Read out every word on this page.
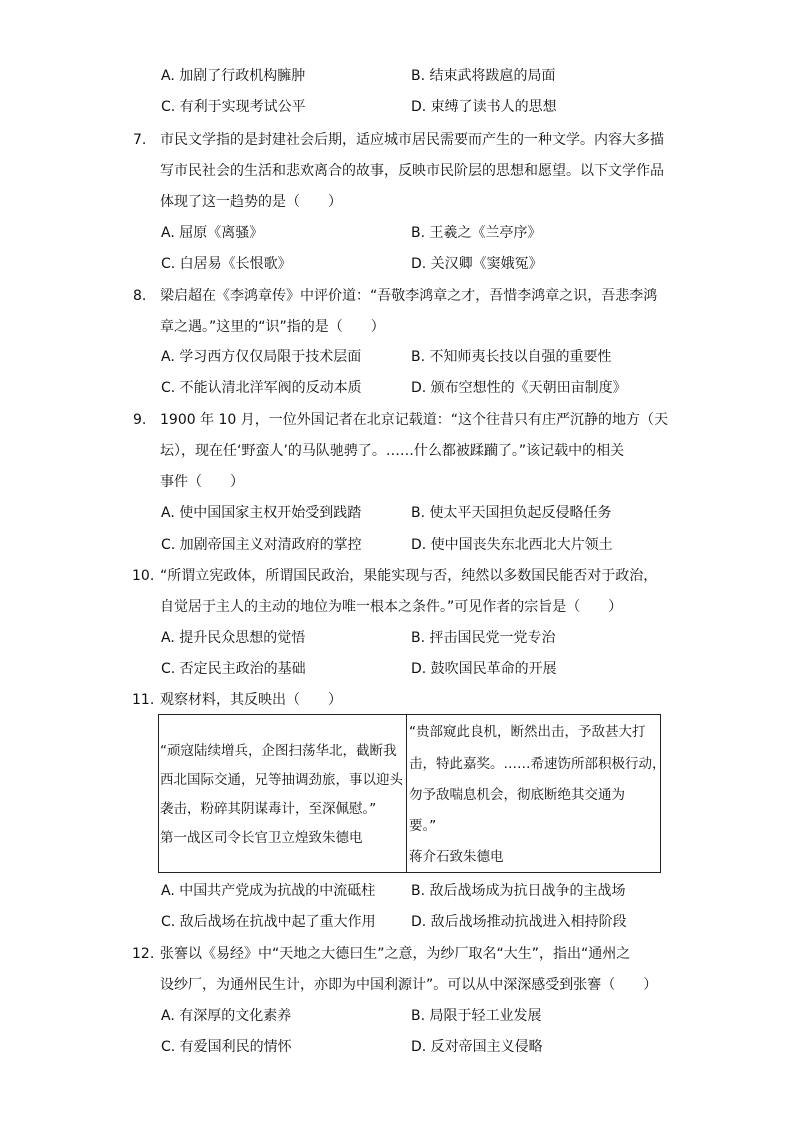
A. 加剧了行政机构臃肿	B. 结束武将跋扈的局面
C. 有利于实现考试公平	D. 束缚了读书人的思想
7. 市民文学指的是封建社会后期，适应城市居民需要而产生的一种文学。内容大多描
写市民社会的生活和悲欢离合的故事，反映市民阶层的思想和愿望。以下文学作品
体现了这一趋势的是（　　）
A. 屈原《离骚》	B. 王羲之《兰亭序》
C. 白居易《长恨歌》	D. 关汉卿《窦娥冤》
8. 梁启超在《李鸿章传》中评价道：“吾敬李鸿章之才，吾惜李鸿章之识，吾悲李鸿
章之遇。”这里的“识”指的是（　　）
A. 学习西方仅仅局限于技术层面	B. 不知师夷长技以自强的重要性
C. 不能认清北洋军阀的反动本质	D. 颁布空想性的《天朝田亩制度》
9. 1900 年 10 月，一位外国记者在北京记载道：“这个往昔只有庄严沉静的地方（天
坛），现在任‘野蛮人’的马队驰骋了。……什么都被蹂躏了。”该记载中的相关
事件（　　）
A. 使中国国家主权开始受到践踏	B. 使太平天国担负起反侵略任务
C. 加剧帝国主义对清政府的掌控	D. 使中国丧失东北西北大片领土
10. “所谓立宪政体，所谓国民政治，果能实现与否，纯然以多数国民能否对于政治，
自觉居于主人的主动的地位为唯一根本之条件。”可见作者的宗旨是（　　）
A. 提升民众思想的觉悟	B. 抨击国民党一党专治
C. 否定民主政治的基础	D. 鼓吹国民革命的开展
11. 观察材料，其反映出（　　）
“顽寇陆续增兵，企图扫荡华北，截断我
西北国际交通，兄等抽调劲旅，事以迎头
袭击，粉碎其阴谋毒计，至深佩慰。”
第一战区司令长官卫立煌致朱德电
“贵部窥此良机，断然出击，予敌甚大打
击，特此嘉奖。……希速饬所部积极行动，
勿予敌喘息机会，彻底断绝其交通为
要。”
蒋介石致朱德电
A. 中国共产党成为抗战的中流砥柱	B. 敌后战场成为抗日战争的主战场
C. 敌后战场在抗战中起了重大作用	D. 敌后战场推动抗战进入相持阶段
12. 张謇以《易经》中“天地之大德曰生”之意，为纱厂取名“大生”，指出“通州之
设纱厂，为通州民生计，亦即为中国利源计”。可以从中深深感受到张謇（　　）
A. 有深厚的文化素养	B. 局限于轻工业发展
C. 有爱国利民的情怀	D. 反对帝国主义侵略
